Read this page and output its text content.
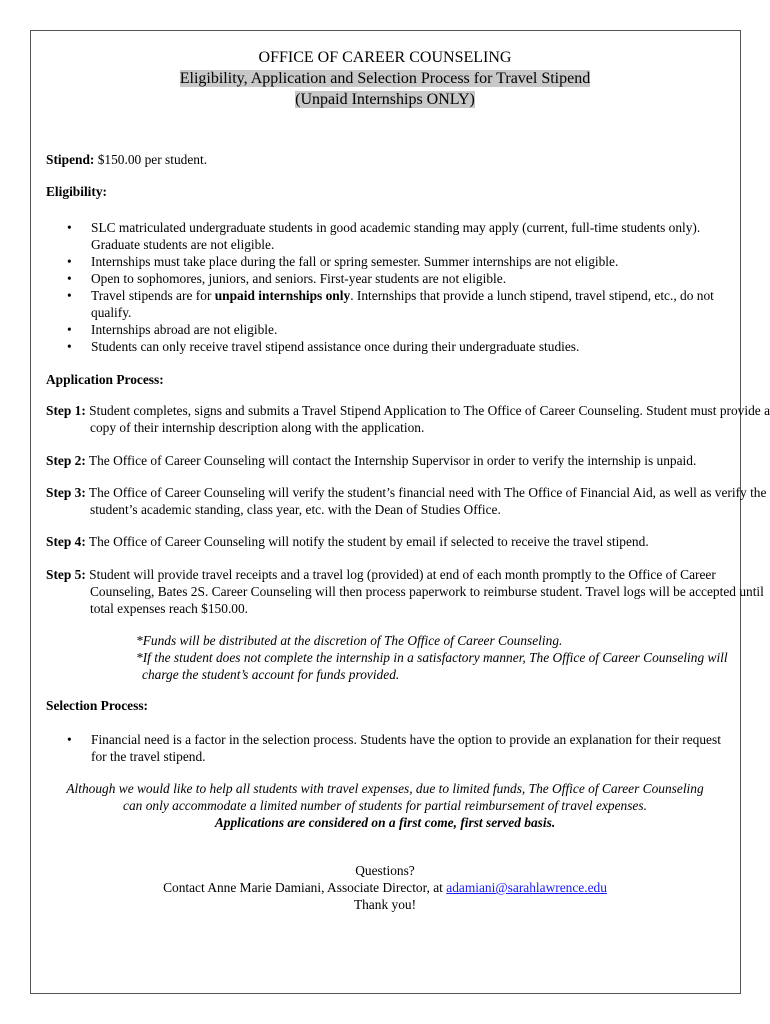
OFFICE OF CAREER COUNSELING
Eligibility, Application and Selection Process for Travel Stipend
(Unpaid Internships ONLY)
Stipend: $150.00 per student.
Eligibility:
• SLC matriculated undergraduate students in good academic standing may apply (current, full-time students only). Graduate students are not eligible.
• Internships must take place during the fall or spring semester. Summer internships are not eligible.
• Open to sophomores, juniors, and seniors. First-year students are not eligible.
• Travel stipends are for unpaid internships only. Internships that provide a lunch stipend, travel stipend, etc., do not qualify.
• Internships abroad are not eligible.
• Students can only receive travel stipend assistance once during their undergraduate studies.
Application Process:
Step 1: Student completes, signs and submits a Travel Stipend Application to The Office of Career Counseling. Student must provide a copy of their internship description along with the application.
Step 2: The Office of Career Counseling will contact the Internship Supervisor in order to verify the internship is unpaid.
Step 3: The Office of Career Counseling will verify the student’s financial need with The Office of Financial Aid, as well as verify the student’s academic standing, class year, etc. with the Dean of Studies Office.
Step 4: The Office of Career Counseling will notify the student by email if selected to receive the travel stipend.
Step 5: Student will provide travel receipts and a travel log (provided) at end of each month promptly to the Office of Career Counseling, Bates 2S. Career Counseling will then process paperwork to reimburse student. Travel logs will be accepted until total expenses reach $150.00.
*Funds will be distributed at the discretion of The Office of Career Counseling.
*If the student does not complete the internship in a satisfactory manner, The Office of Career Counseling will
charge the student’s account for funds provided.
Selection Process:
• Financial need is a factor in the selection process. Students have the option to provide an explanation for their request for the travel stipend.
Although we would like to help all students with travel expenses, due to limited funds, The Office of Career Counseling
can only accommodate a limited number of students for partial reimbursement of travel expenses.
Applications are considered on a first come, first served basis.
Questions?
Contact Anne Marie Damiani, Associate Director, at adamiani@sarahlawrence.edu
Thank you!
